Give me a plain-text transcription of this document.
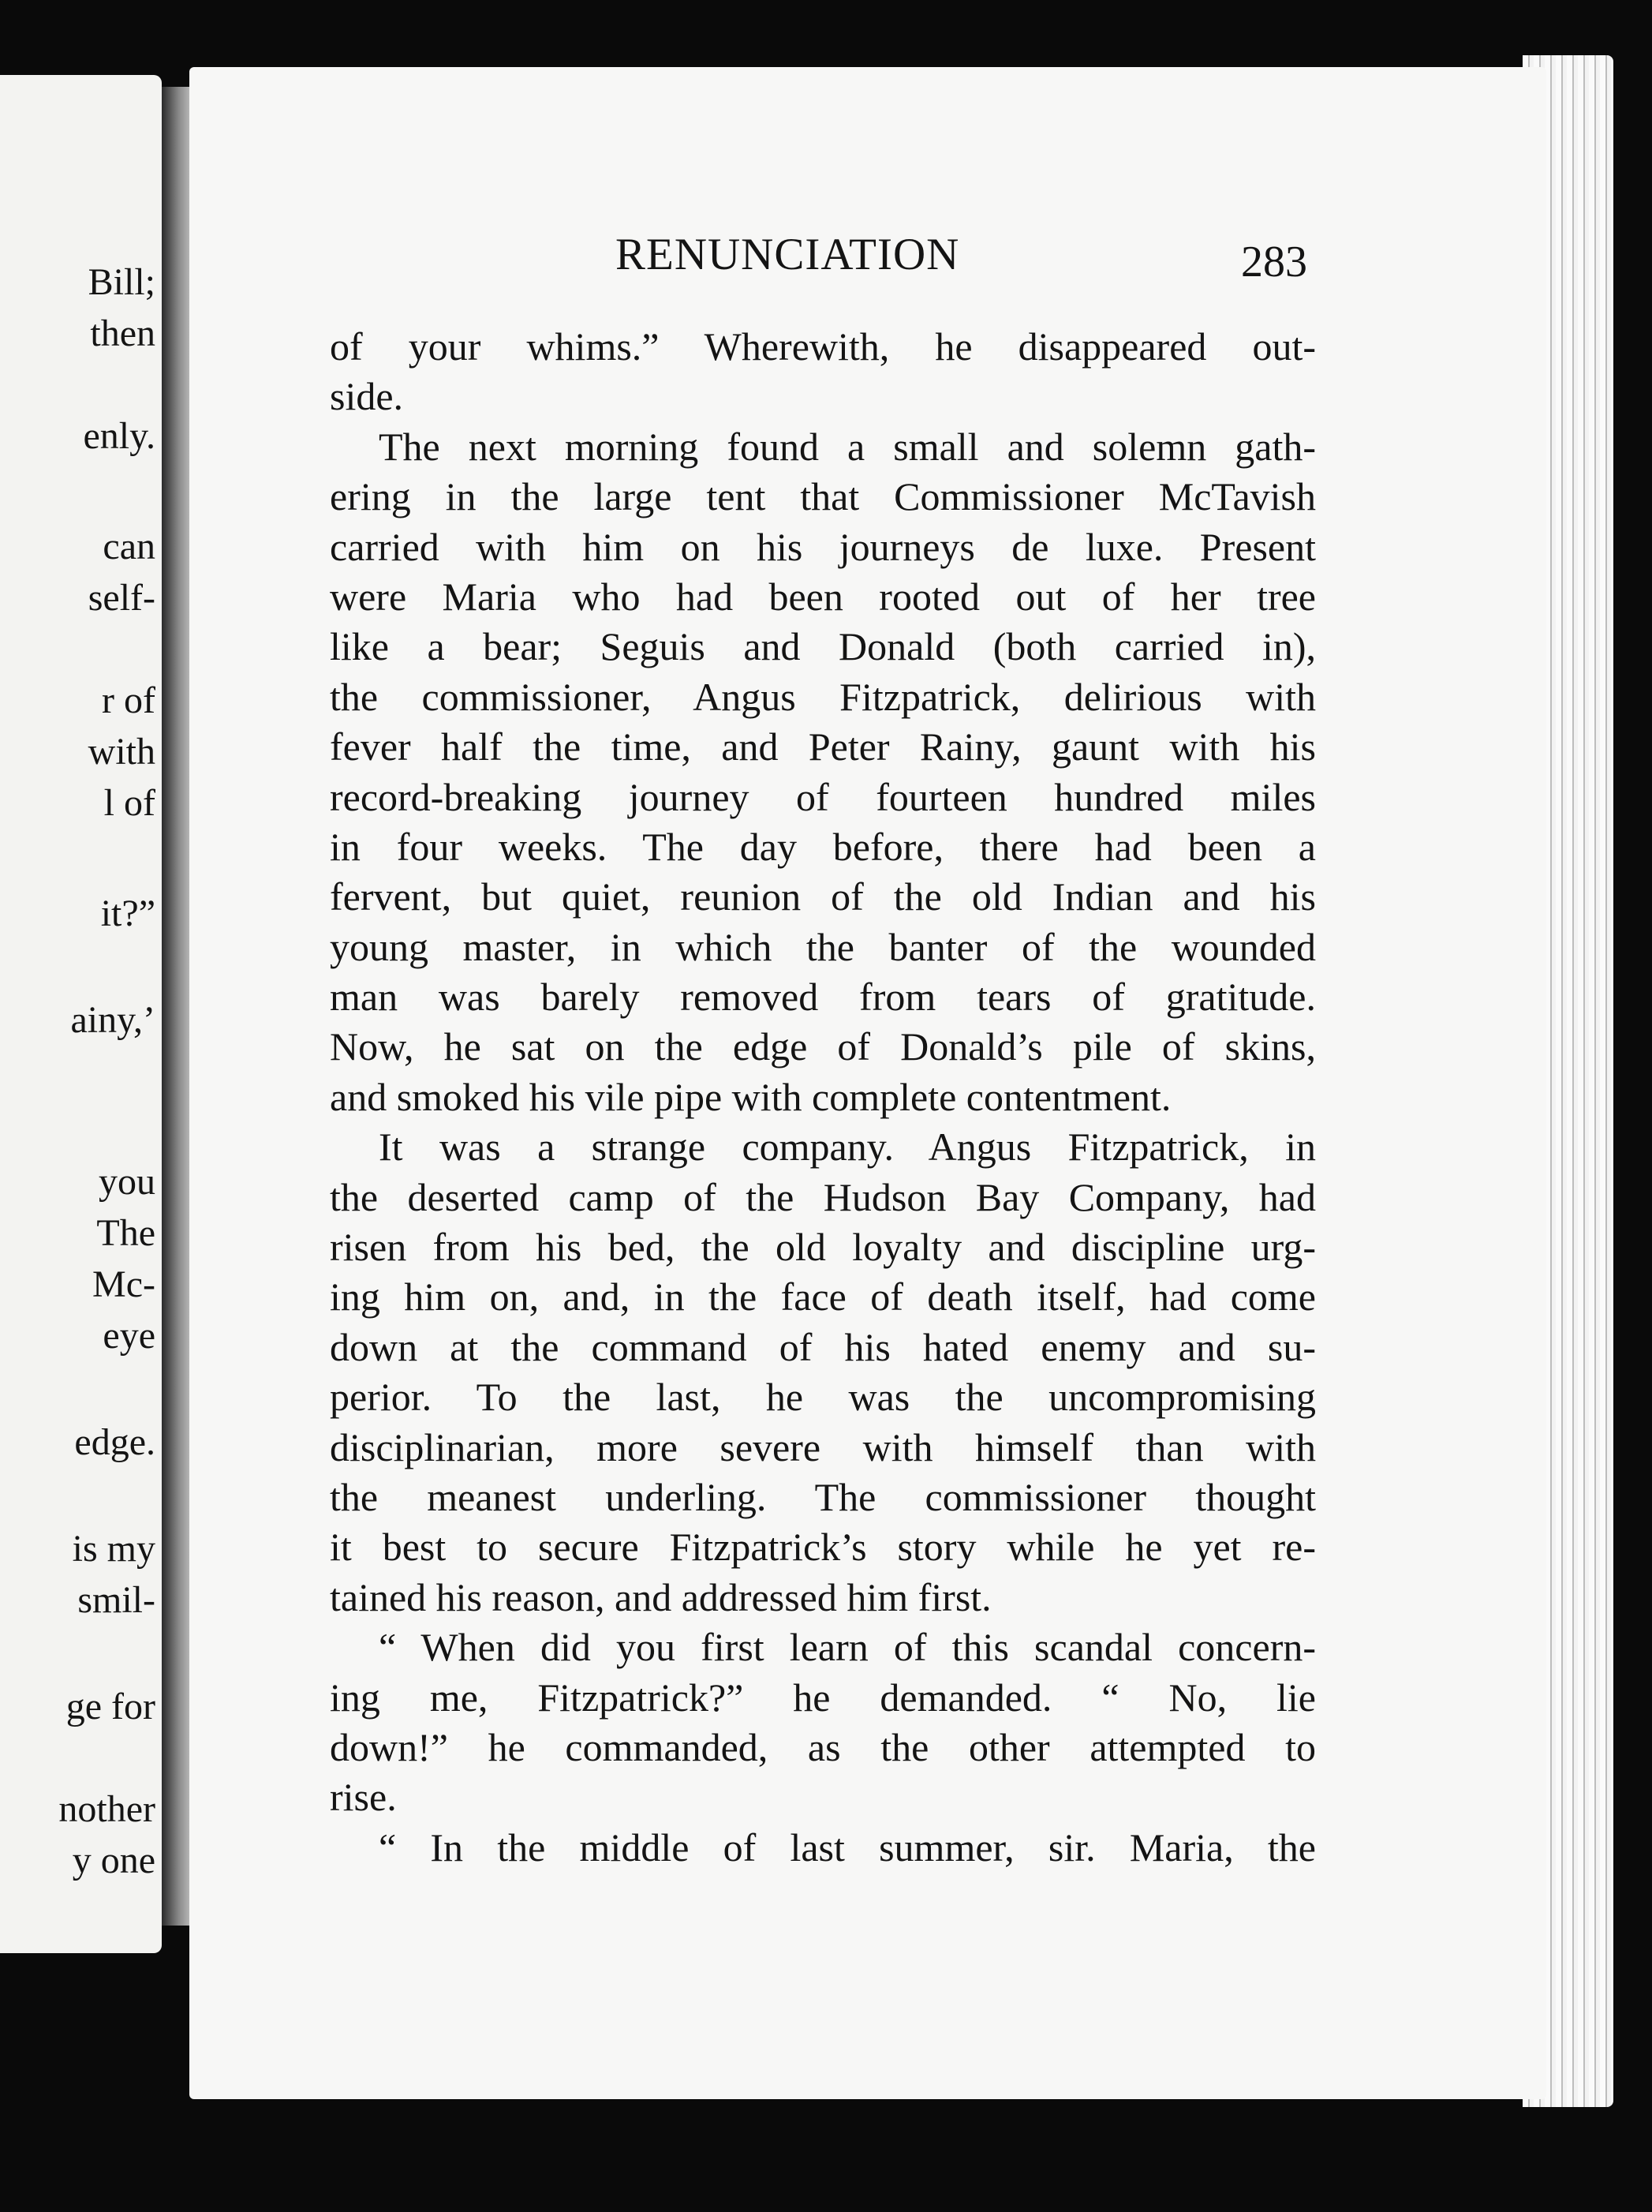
Bill;
then
enly.
can
self-
r of
with
l of
it?”
ainy,’
you
The
Mc-
eye
edge.
is my
smil-
ge for
nother
y one
RENUNCIATION	283
of your whims.” Wherewith, he disappeared out-
side.
The next morning found a small and solemn gath-
ering in the large tent that Commissioner McTavish
carried with him on his journeys de luxe. Present
were Maria who had been rooted out of her tree
like a bear; Seguis and Donald (both carried in),
the commissioner, Angus Fitzpatrick, delirious with
fever half the time, and Peter Rainy, gaunt with his
record-breaking journey of fourteen hundred miles
in four weeks. The day before, there had been a
fervent, but quiet, reunion of the old Indian and his
young master, in which the banter of the wounded
man was barely removed from tears of gratitude.
Now, he sat on the edge of Donald’s pile of skins,
and smoked his vile pipe with complete contentment.
It was a strange company. Angus Fitzpatrick, in
the deserted camp of the Hudson Bay Company, had
risen from his bed, the old loyalty and discipline urg-
ing him on, and, in the face of death itself, had come
down at the command of his hated enemy and su-
perior. To the last, he was the uncompromising
disciplinarian, more severe with himself than with
the meanest underling. The commissioner thought
it best to secure Fitzpatrick’s story while he yet re-
tained his reason, and addressed him first.
“ When did you first learn of this scandal concern-
ing me, Fitzpatrick?” he demanded. “ No, lie
down!” he commanded, as the other attempted to
rise.
“ In the middle of last summer, sir. Maria, the
